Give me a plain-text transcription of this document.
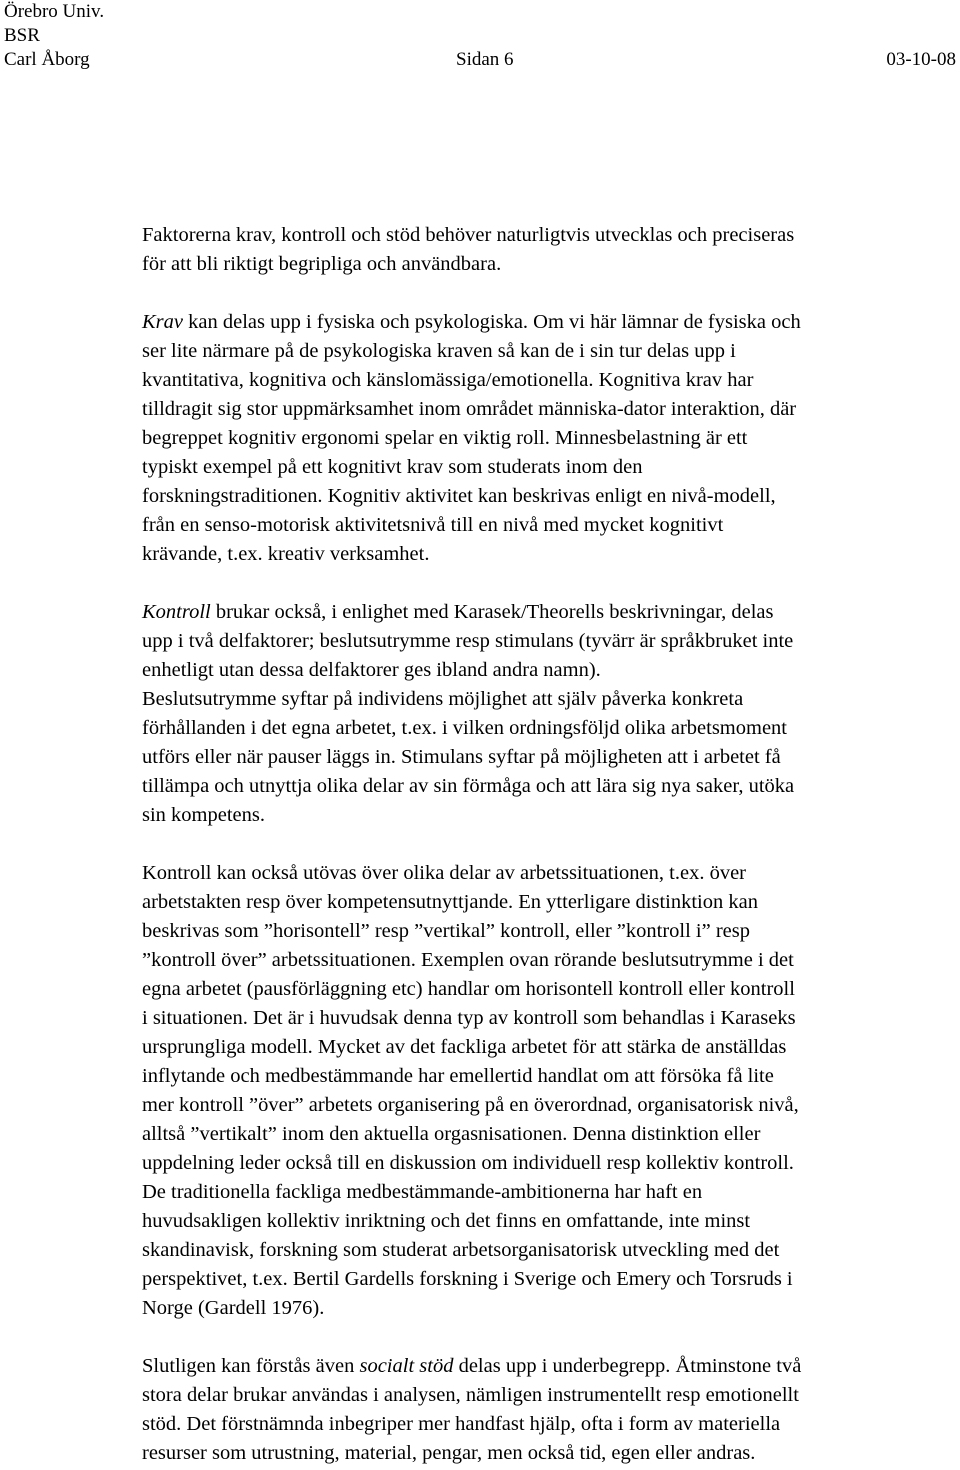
Örebro Univ.
BSR
Carl Åborg	Sidan 6	03-10-08
Faktorerna krav, kontroll och stöd behöver naturligtvis utvecklas och preciseras
för att bli riktigt begripliga och användbara.
Krav kan delas upp i fysiska och psykologiska. Om vi här lämnar de fysiska och
ser lite närmare på de psykologiska kraven så kan de i sin tur delas upp i
kvantitativa, kognitiva och känslomässiga/emotionella. Kognitiva krav har
tilldragit sig stor uppmärksamhet inom området människa-dator interaktion, där
begreppet kognitiv ergonomi spelar en viktig roll. Minnesbelastning är ett
typiskt exempel på ett kognitivt krav som studerats inom den
forskningstraditionen. Kognitiv aktivitet kan beskrivas enligt en nivå-modell,
från en senso-motorisk aktivitetsnivå till en nivå med mycket kognitivt
krävande, t.ex. kreativ verksamhet.
Kontroll brukar också, i enlighet med Karasek/Theorells beskrivningar, delas
upp i två delfaktorer; beslutsutrymme resp stimulans (tyvärr är språkbruket inte
enhetligt utan dessa delfaktorer ges ibland andra namn).
Beslutsutrymme syftar på individens möjlighet att själv påverka konkreta
förhållanden i det egna arbetet, t.ex. i vilken ordningsföljd olika arbetsmoment
utförs eller när pauser läggs in. Stimulans syftar på möjligheten att i arbetet få
tillämpa och utnyttja olika delar av sin förmåga och att lära sig nya saker, utöka
sin kompetens.
Kontroll kan också utövas över olika delar av arbetssituationen, t.ex. över
arbetstakten resp över kompetensutnyttjande. En ytterligare distinktion kan
beskrivas som ”horisontell” resp ”vertikal” kontroll, eller ”kontroll i” resp
”kontroll över” arbetssituationen. Exemplen ovan rörande beslutsutrymme i det
egna arbetet (pausförläggning etc) handlar om horisontell kontroll eller kontroll
i situationen. Det är i huvudsak denna typ av kontroll som behandlas i Karaseks
ursprungliga modell. Mycket av det fackliga arbetet för att stärka de anställdas
inflytande och medbestämmande har emellertid handlat om att försöka få lite
mer kontroll ”över” arbetets organisering på en överordnad, organisatorisk nivå,
alltså ”vertikalt” inom den aktuella orgasnisationen. Denna distinktion eller
uppdelning leder också till en diskussion om individuell resp kollektiv kontroll.
De traditionella fackliga medbestämmande-ambitionerna har haft en
huvudsakligen kollektiv inriktning och det finns en omfattande, inte minst
skandinavisk, forskning som studerat arbetsorganisatorisk utveckling med det
perspektivet, t.ex. Bertil Gardells forskning i Sverige och Emery och Torsruds i
Norge (Gardell 1976).
Slutligen kan förstås även socialt stöd delas upp i underbegrepp. Åtminstone två
stora delar brukar användas i analysen, nämligen instrumentellt resp emotionellt
stöd. Det förstnämnda inbegriper mer handfast hjälp, ofta i form av materiella
resurser som utrustning, material, pengar, men också tid, egen eller andras.
